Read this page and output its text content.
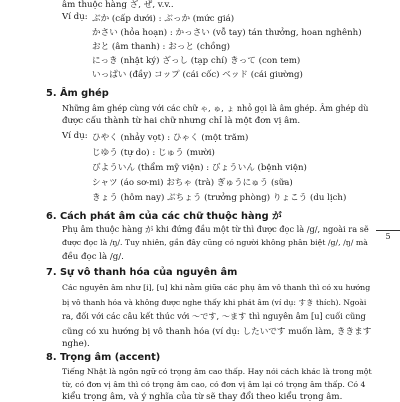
âm thuộc hàng ざ, ぜ, v.v..
Ví dụ: ぶか (cấp dưới) : ぶっか (mức giá)
かさい (hỏa hoạn) : かっさい (vỗ tay) tán thưởng, hoan nghênh)
おと (âm thanh) : おっと (chồng)
にっき (nhật ký) ざっし (tạp chí) きって (con tem)
いっぱい (đầy) コップ (cái cốc) ベッド (cái giường)
5. Âm ghép
Những âm ghép cùng với các chữ ゃ, ゅ, ょ nhỏ gọi là âm ghép. Âm ghép dù
được cấu thành từ hai chữ nhưng chỉ là một đơn vị âm.
Ví dụ: ひやく (nhảy vọt) : ひゃく (một trăm)
じゆう (tự do) : じゅう (mười)
びよういん (thẩm mỹ viện) : びょういん (bệnh viện)
シャツ (áo sơ-mi) おちゃ (trà) ぎゅうにゅう (sữa)
きょう (hôm nay) ぶちょう (trưởng phòng) りょこう (du lịch)
6. Cách phát âm của các chữ thuộc hàng が
Phụ âm thuộc hàng が khi đứng đầu một từ thì được đọc là /g/, ngoài ra sẽ
được đọc là /ŋ/. Tuy nhiên, gần đây cũng có người không phân biệt /g/, /ŋ/ mà
đều đọc là /g/.
5
7. Sự vô thanh hóa của nguyên âm
Các nguyên âm như [i], [u] khi nằm giữa các phụ âm vô thanh thì có xu hướng
bị vô thanh hóa và không được nghe thấy khi phát âm (ví dụ: すき thích). Ngoài
ra, đối với các câu kết thúc với 〜です, 〜ます thì nguyên âm [u] cuối cũng
cũng có xu hướng bị vô thanh hóa (ví dụ: したいです muốn làm, ききます
nghe).
8. Trọng âm (accent)
Tiếng Nhật là ngôn ngữ có trọng âm cao thấp. Hay nói cách khác là trong một
từ, có đơn vị âm thì có trọng âm cao, có đơn vị âm lại có trọng âm thấp. Có 4
kiểu trọng âm, và ý nghĩa của từ sẽ thay đổi theo kiểu trọng âm.
